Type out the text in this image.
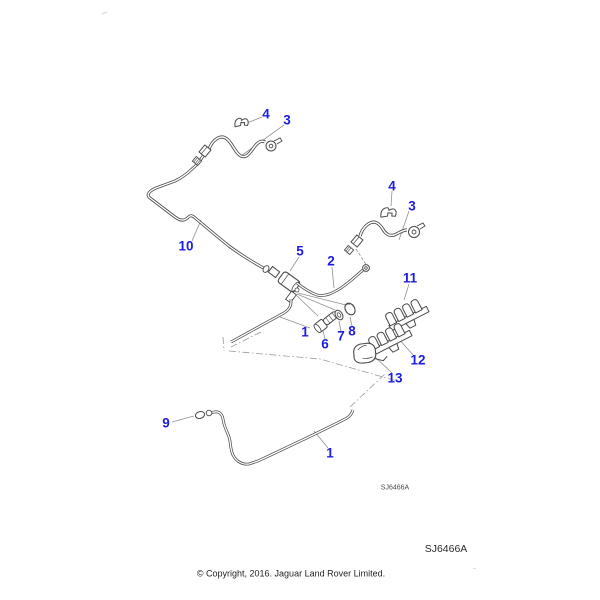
4 3
10	5
2
4
3
11
1
6
7 8
12
13
9
1
SJ6466A
SJ6466A
© Copyright, 2016. Jaguar Land Rover Limited.
